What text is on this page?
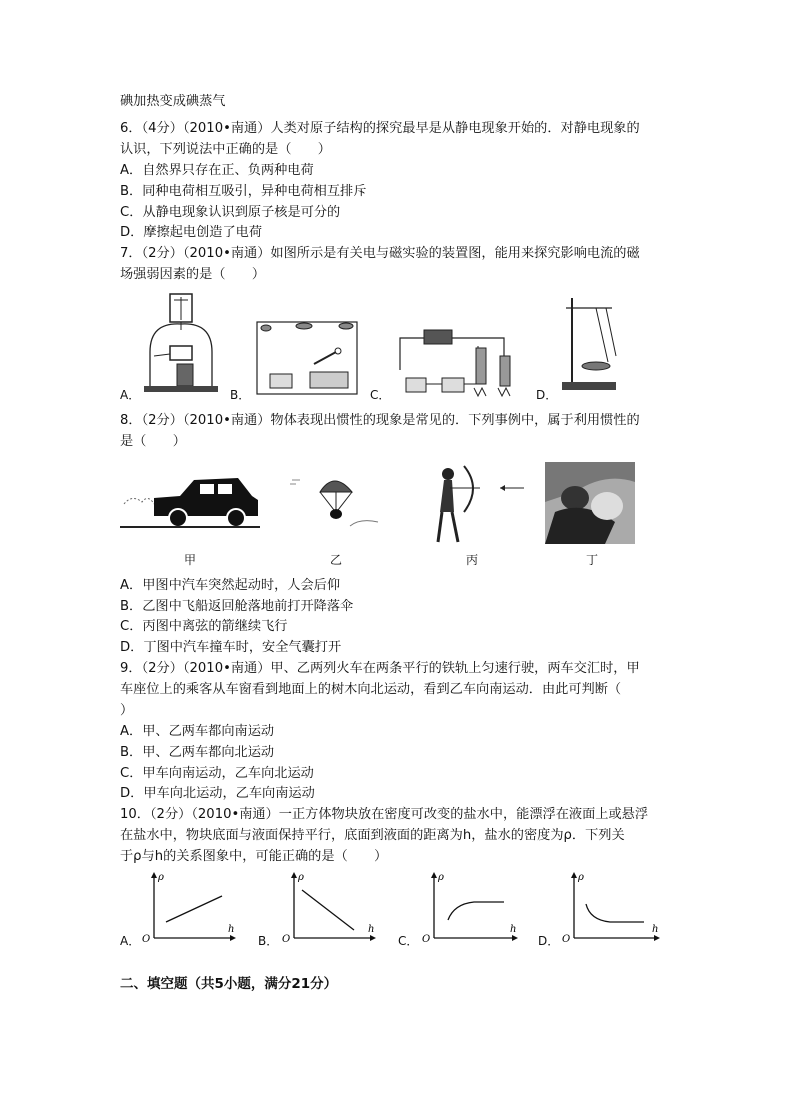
碘加热变成碘蒸气
6．（4分）（2010•南通）人类对原子结构的探究最早是从静电现象开始的．对静电现象的
认识，下列说法中正确的是（　　）
A．自然界只存在正、负两种电荷
B．同种电荷相互吸引，异种电荷相互排斥
C．从静电现象认识到原子核是可分的
D．摩擦起电创造了电荷
7．（2分）（2010•南通）如图所示是有关电与磁实验的装置图，能用来探究影响电流的磁
场强弱因素的是（　　）
A．	B．	C．	D．
8．（2分）（2010•南通）物体表现出惯性的现象是常见的．下列事例中，属于利用惯性的
是（　　）
甲	乙	丙	丁
A．甲图中汽车突然起动时，人会后仰
B．乙图中飞船返回舱落地前打开降落伞
C．丙图中离弦的箭继续飞行
D．丁图中汽车撞车时，安全气囊打开
9．（2分）（2010•南通）甲、乙两列火车在两条平行的铁轨上匀速行驶，两车交汇时，甲
车座位上的乘客从车窗看到地面上的树木向北运动，看到乙车向南运动．由此可判断（
）
A．甲、乙两车都向南运动
B．甲、乙两车都向北运动
C．甲车向南运动，乙车向北运动
D．甲车向北运动，乙车向南运动
10．（2分）（2010•南通）一正方体物块放在密度可改变的盐水中，能漂浮在液面上或悬浮
在盐水中，物块底面与液面保持平行，底面到液面的距离为h，盐水的密度为ρ．下列关
于ρ与h的关系图象中，可能正确的是（　　）
A．
ρ
h
O	B．
ρ
h
O	C．
ρ
h
O	D．
ρ
h
O
二、填空题（共5小题，满分21分）
